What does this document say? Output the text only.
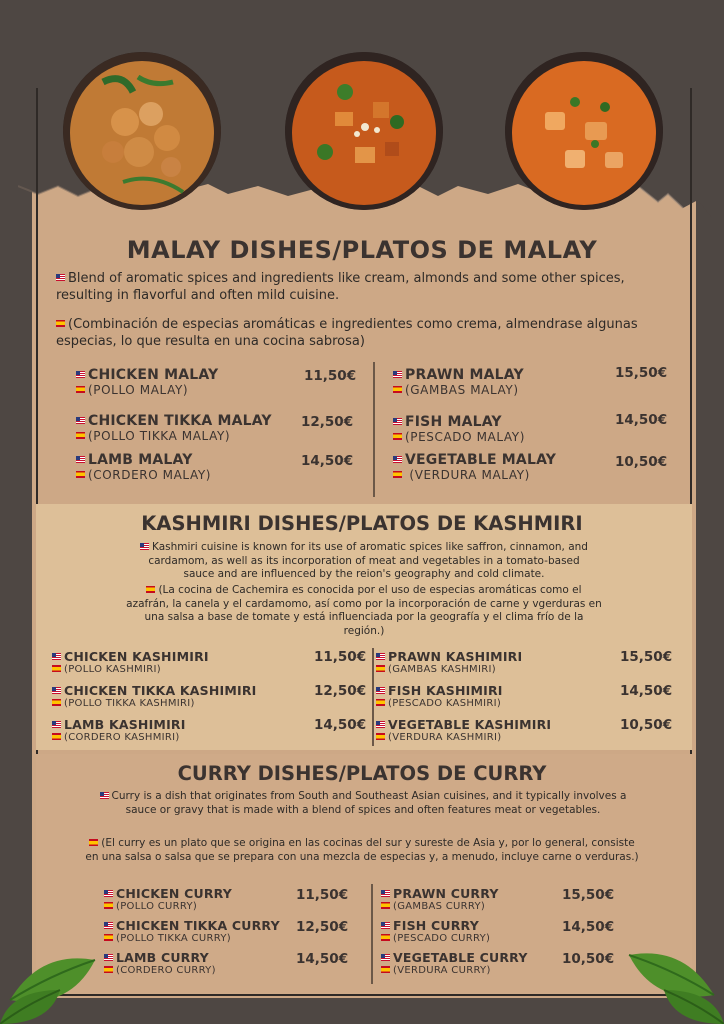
MALAY DISHES/PLATOS DE MALAY
Blend of aromatic spices and ingredients like cream, almonds and some other spices, resulting in flavorful and often mild cuisine.
(Combinación de especias aromáticas e ingredientes como crema, almendrase algunas especias, lo que resulta en una cocina sabrosa)
CHICKEN MALAY
(POLLO MALAY)
11,50€
CHICKEN TIKKA MALAY
(POLLO TIKKA MALAY)
12,50€
LAMB MALAY
(CORDERO MALAY)
14,50€
PRAWN MALAY
(GAMBAS MALAY)
15,50€
FISH MALAY
(PESCADO MALAY)
14,50€
VEGETABLE MALAY
(VERDURA MALAY)
10,50€
KASHMIRI DISHES/PLATOS DE KASHMIRI
Kashmiri cuisine is known for its use of aromatic spices like saffron, cinnamon, and cardamom, as well as its incorporation of meat and vegetables in a tomato-based sauce and are influenced by the reion's geography and cold climate.
(La cocina de Cachemira es conocida por el uso de especias aromáticas como el azafrán, la canela y el cardamomo, así como por la incorporación de carne y vgerduras en una salsa a base de tomate y está influenciada por la geografía y el clima frío de la región.)
CHICKEN KASHIMIRI
(POLLO KASHMIRI)
11,50€
CHICKEN TIKKA KASHIMIRI
(POLLO TIKKA KASHMIRI)
12,50€
LAMB KASHIMIRI
(CORDERO KASHMIRI)
14,50€
PRAWN KASHIMIRI
(GAMBAS KASHMIRI)
15,50€
FISH KASHIMIRI
(PESCADO KASHMIRI)
14,50€
VEGETABLE KASHIMIRI
(VERDURA KASHMIRI)
10,50€
CURRY DISHES/PLATOS DE CURRY
Curry is a dish that originates from South and Southeast Asian cuisines, and it typically involves a sauce or gravy that is made with a blend of spices and often features meat or vegetables.
(El curry es un plato que se origina en las cocinas del sur y sureste de Asia y, por lo general, consiste en una salsa o salsa que se prepara con una mezcla de especias y, a menudo, incluye carne o verduras.)
CHICKEN CURRY
(POLLO CURRY)
11,50€
CHICKEN TIKKA CURRY
(POLLO TIKKA CURRY)
12,50€
LAMB CURRY
(CORDERO CURRY)
14,50€
PRAWN CURRY
(GAMBAS CURRY)
15,50€
FISH CURRY
(PESCADO CURRY)
14,50€
VEGETABLE CURRY
(VERDURA CURRY)
10,50€
